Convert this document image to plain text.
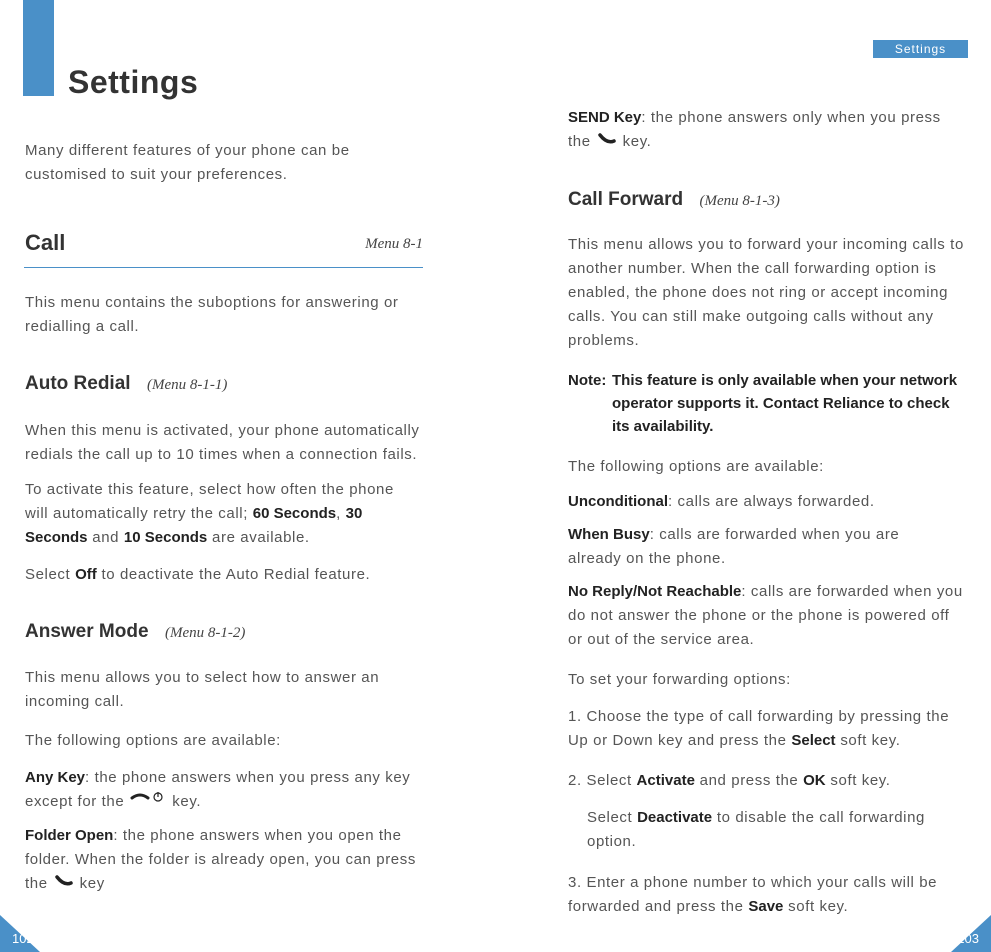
Settings
Many different features of your phone can be customised to suit your preferences.
Call	Menu 8-1
This menu contains the suboptions for answering or redialling a call.
Auto Redial (Menu 8-1-1)
When this menu is activated, your phone automatically redials the call up to 10 times when a connection fails.
To activate this feature, select how often the phone will automatically retry the call; 60 Seconds, 30 Seconds and 10 Seconds are available.
Select Off to deactivate the Auto Redial feature.
Answer Mode (Menu 8-1-2)
This menu allows you to select how to answer an incoming call.
The following options are available:
Any Key: the phone answers when you press any key except for the	key.
Folder Open: the phone answers when you open the folder. When the folder is already open, you can press the key
102
Settings
SEND Key: the phone answers only when you press the key.
Call Forward (Menu 8-1-3)
This menu allows you to forward your incoming calls to another number. When the call forwarding option is enabled, the phone does not ring or accept incoming calls. You can still make outgoing calls without any problems.
Note: This feature is only available when your network operator supports it. Contact Reliance to check its availability.
The following options are available:
Unconditional: calls are always forwarded.
When Busy: calls are forwarded when you are already on the phone.
No Reply/Not Reachable: calls are forwarded when you do not answer the phone or the phone is powered off or out of the service area.
To set your forwarding options:
1. Choose the type of call forwarding by pressing the Up or Down key and press the Select soft key.
2. Select Activate and press the OK soft key.
Select Deactivate to disable the call forwarding option.
3. Enter a phone number to which your calls will be forwarded and press the Save soft key.
103
